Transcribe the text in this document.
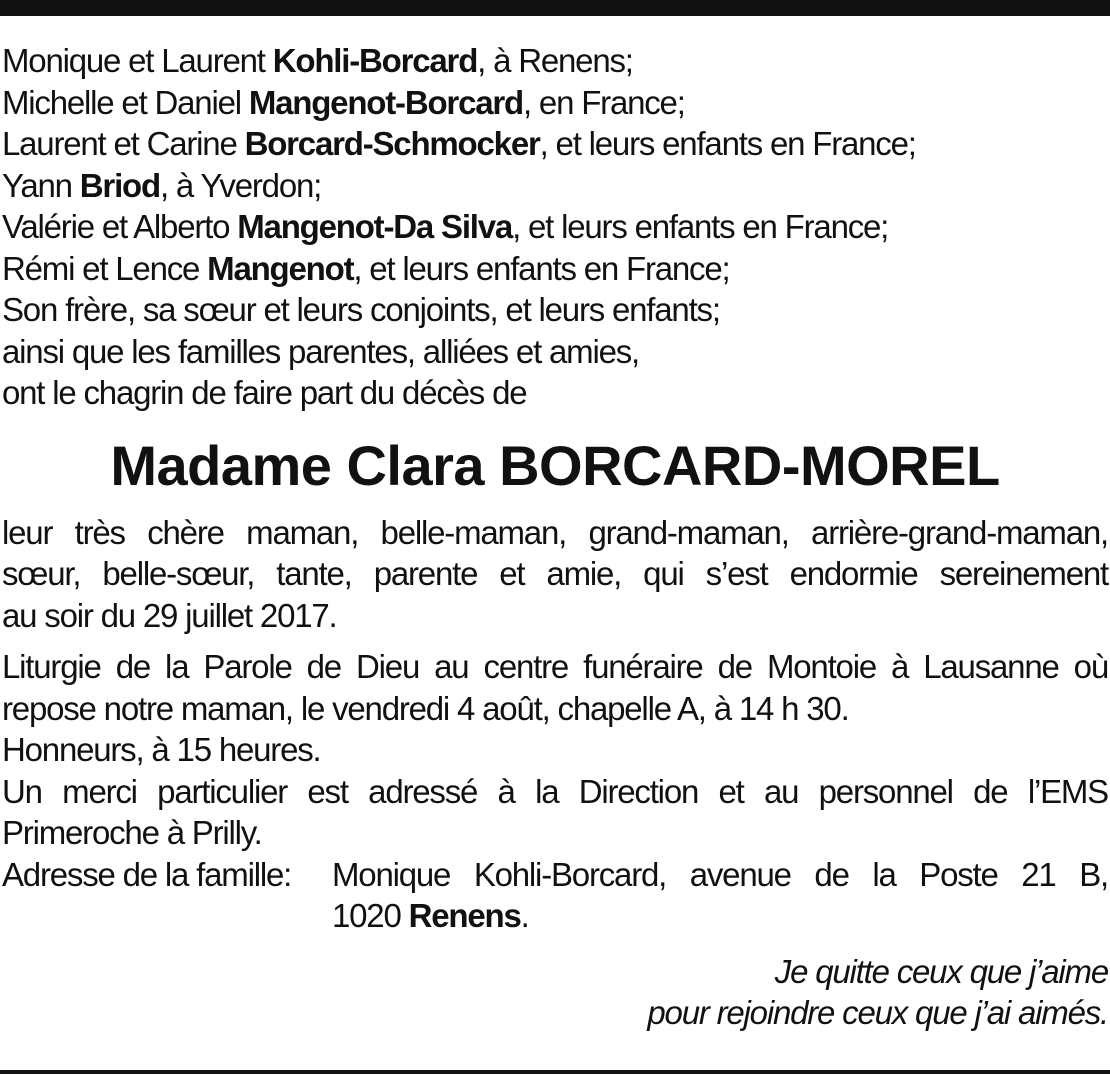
Monique et Laurent Kohli-Borcard, à Renens;
Michelle et Daniel Mangenot-Borcard, en France;
Laurent et Carine Borcard-Schmocker, et leurs enfants en France;
Yann Briod, à Yverdon;
Valérie et Alberto Mangenot-Da Silva, et leurs enfants en France;
Rémi et Lence Mangenot, et leurs enfants en France;
Son frère, sa sœur et leurs conjoints, et leurs enfants;
ainsi que les familles parentes, alliées et amies,
ont le chagrin de faire part du décès de
Madame Clara BORCARD-MOREL
leur très chère maman, belle-maman, grand-maman, arrière-grand-maman,
sœur, belle-sœur, tante, parente et amie, qui s’est endormie sereinement
au soir du 29 juillet 2017.
Liturgie de la Parole de Dieu au centre funéraire de Montoie à Lausanne où
repose notre maman, le vendredi 4 août, chapelle A, à 14 h 30.
Honneurs, à 15 heures.
Un merci particulier est adressé à la Direction et au personnel de l’EMS
Primeroche à Prilly.
Adresse de la famille:	Monique Kohli-Borcard, avenue de la Poste 21 B,
1020 Renens.
Je quitte ceux que j’aime
pour rejoindre ceux que j’ai aimés.
